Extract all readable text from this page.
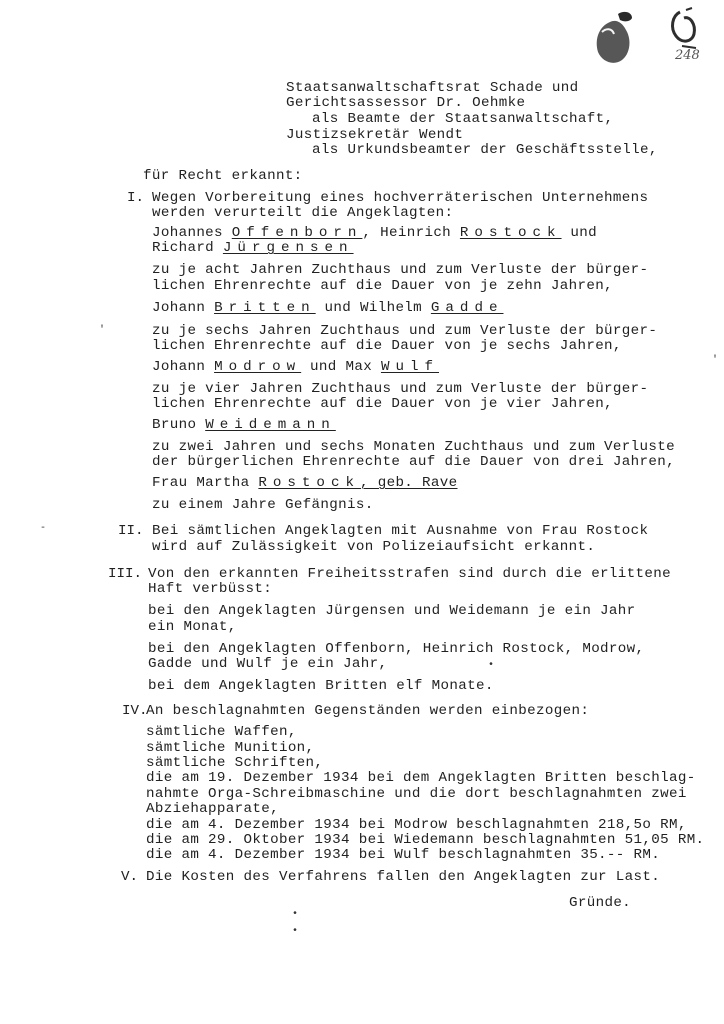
248
Staatsanwaltschaftsrat Schade und
Gerichtsassessor Dr. Oehmke
als Beamte der Staatsanwaltschaft,
Justizsekretär Wendt
als Urkundsbeamter der Geschäftsstelle,
für Recht erkannt:
I. Wegen Vorbereitung eines hochverräterischen Unternehmens
werden verurteilt die Angeklagten:
Johannes Offenborn, Heinrich Rostock und
Richard Jürgensen
zu je acht Jahren Zuchthaus und zum Verluste der bürger-
lichen Ehrenrechte auf die Dauer von je zehn Jahren,
Johann Britten und Wilhelm Gadde
zu je sechs Jahren Zuchthaus und zum Verluste der bürger-
lichen Ehrenrechte auf die Dauer von je sechs Jahren,
Johann Modrow und Max Wulf
zu je vier Jahren Zuchthaus und zum Verluste der bürger-
lichen Ehrenrechte auf die Dauer von je vier Jahren,
Bruno Weidemann
zu zwei Jahren und sechs Monaten Zuchthaus und zum Verluste
der bürgerlichen Ehrenrechte auf die Dauer von drei Jahren,
Frau Martha Rostock, geb. Rave
zu einem Jahre Gefängnis.
II. Bei sämtlichen Angeklagten mit Ausnahme von Frau Rostock
wird auf Zulässigkeit von Polizeiaufsicht erkannt.
III. Von den erkannten Freiheitsstrafen sind durch die erlittene
Haft verbüsst:
bei den Angeklagten Jürgensen und Weidemann je ein Jahr
ein Monat,
bei den Angeklagten Offenborn, Heinrich Rostock, Modrow,
Gadde und Wulf je ein Jahr,
bei dem Angeklagten Britten elf Monate.
IV.
An beschlagnahmten Gegenständen werden einbezogen:
sämtliche Waffen,
sämtliche Munition,
sämtliche Schriften,
die am 19. Dezember 1934 bei dem Angeklagten Britten beschlag-
nahmte Orga-Schreibmaschine und die dort beschlagnahmten zwei
Abziehapparate,
die am 4. Dezember 1934 bei Modrow beschlagnahmten 218,5o RM,
die am 29. Oktober 1934 bei Wiedemann beschlagnahmten 51,05 RM.
die am 4. Dezember 1934 bei Wulf beschlagnahmten 35.-- RM.
V. Die Kosten des Verfahrens fallen den Angeklagten zur Last.
Gründe.
-
•
•
•
'
'
